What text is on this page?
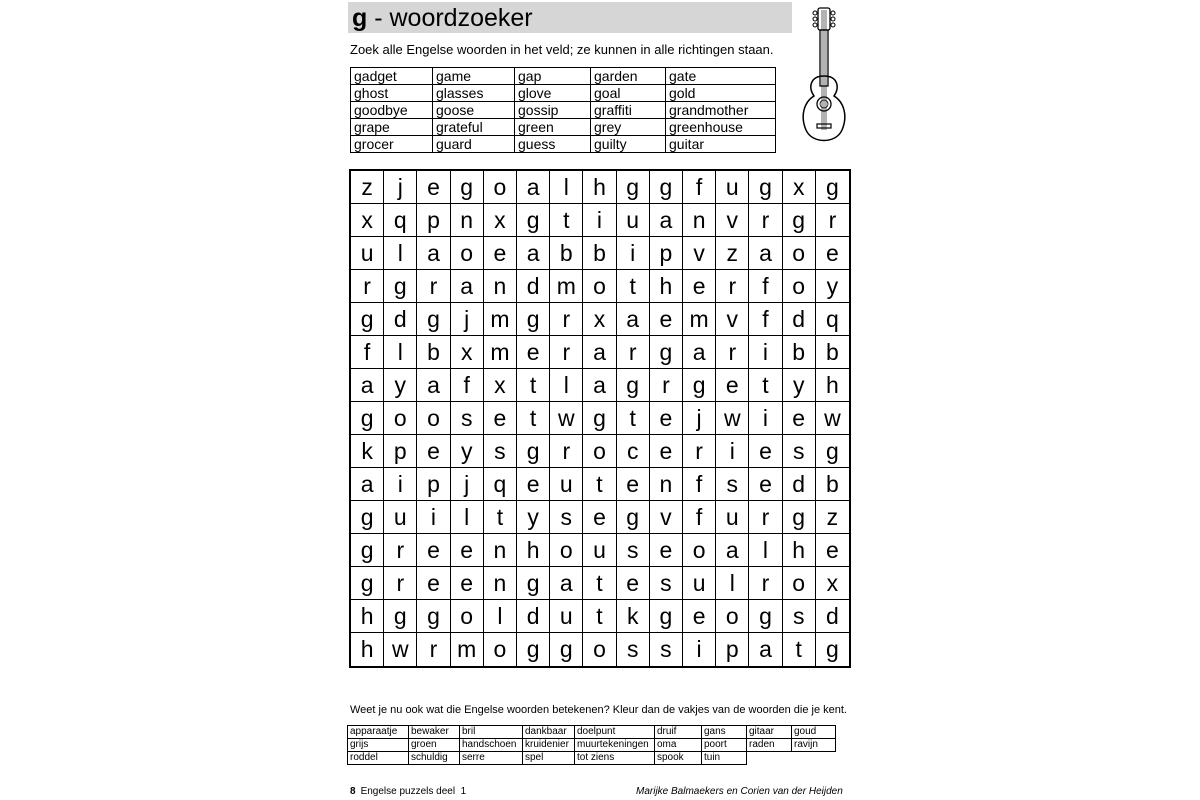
g - woordzoeker
Zoek alle Engelse woorden in het veld; ze kunnen in alle richtingen staan.
gadget	game	gap	garden	gate
ghost	glasses	glove	goal	gold
goodbye	goose	gossip	graffiti	grandmother
grape	grateful	green	grey	greenhouse
grocer	guard	guess	guilty	guitar
z	j	e g o a	l	h g g	f	u g x g
x q p n x g	t	i	u a n v	r g	r
u	l	a o e a b b	i	p v z a o e
r g r a n d m o	t	h e r	f	o y
g d g	j m g r	x a e m v	f	d q
f	l	b x m e r a r g a r	i	b b
a y a	f	x	t	l	a g r g e	t	y h
g o o s e	t w g	t	e	j w i	e w
k p e y s g r o c e r	i	e s g
a	i	p	j	q e u	t	e n	f	s e d b
g u	i	l	t	y s e g v	f	u r g z
g r e e n h o u s e o a	l	h e
g r e e n g a	t	e s u	l	r o x
h g g o	l	d u	t	k g e o g s d
h w r m o g g o s s	i	p a	t	g
Weet je nu ook wat die Engelse woorden betekenen? Kleur dan de vakjes van de woorden die je kent.
apparaatje	bewaker	bril	dankbaar	doelpunt	druif	gans	gitaar	goud
grijs	groen	handschoen	kruidenier	muurtekeningen	oma	poort	raden	ravijn
roddel	schuldig	serre	spel	tot ziens	spook	tuin		
8 Engelse puzzels deel  1	Marijke Balmaekers en Corien van der Heijden
